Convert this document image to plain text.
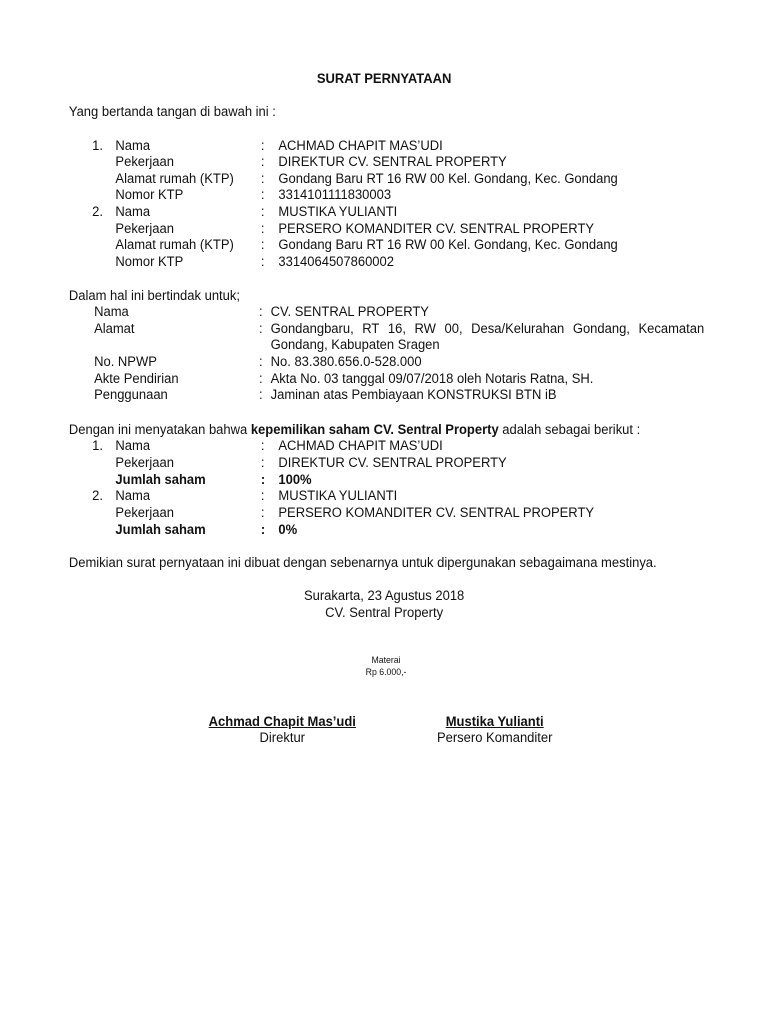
SURAT PERNYATAAN
Yang bertanda tangan di bawah ini :
1. Nama	: ACHMAD CHAPIT MAS’UDI
Pekerjaan	: DIREKTUR CV. SENTRAL PROPERTY
Alamat rumah (KTP) : Gondang Baru RT 16 RW 00 Kel. Gondang, Kec. Gondang
Nomor KTP	: 3314101111830003
2. Nama	: MUSTIKA YULIANTI
Pekerjaan	: PERSERO KOMANDITER CV. SENTRAL PROPERTY
Alamat rumah (KTP) : Gondang Baru RT 16 RW 00 Kel. Gondang, Kec. Gondang
Nomor KTP	: 3314064507860002
Dalam hal ini bertindak untuk;
Nama	: CV. SENTRAL PROPERTY
Alamat	: Gondangbaru, RT 16, RW 00, Desa/Kelurahan Gondang, Kecamatan
Gondang, Kabupaten Sragen
No. NPWP	: No. 83.380.656.0-528.000
Akte Pendirian	: Akta No. 03 tanggal 09/07/2018 oleh Notaris Ratna, SH.
Penggunaan	: Jaminan atas Pembiayaan KONSTRUKSI BTN iB
Dengan ini menyatakan bahwa kepemilikan saham CV. Sentral Property adalah sebagai berikut :
1. Nama	: ACHMAD CHAPIT MAS’UDI
Pekerjaan	: DIREKTUR CV. SENTRAL PROPERTY
Jumlah saham	: 100%
2. Nama	: MUSTIKA YULIANTI
Pekerjaan	: PERSERO KOMANDITER CV. SENTRAL PROPERTY
Jumlah saham	: 0%
Demikian surat pernyataan ini dibuat dengan sebenarnya untuk dipergunakan sebagaimana mestinya.
Surakarta, 23 Agustus 2018
CV. Sentral Property
Materai
Rp 6.000,-
Achmad Chapit Mas’udi
Direktur
Mustika Yulianti
Persero Komanditer
